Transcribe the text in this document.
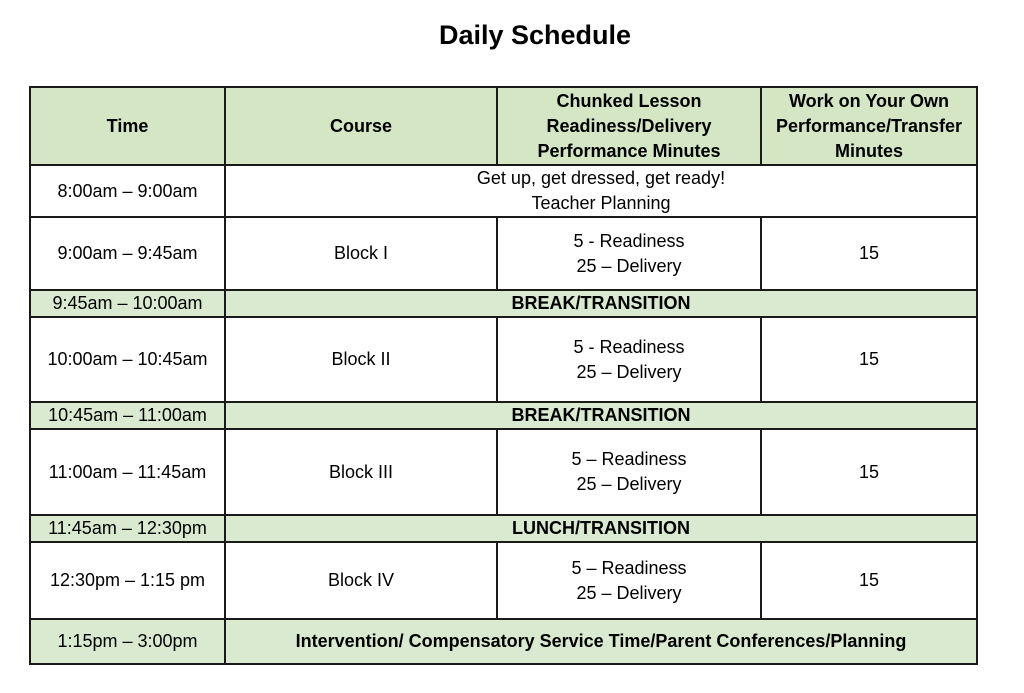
Daily Schedule
Time	Course	Chunked Lesson
Readiness/Delivery
Performance Minutes	Work on Your Own
Performance/Transfer
Minutes

8:00am – 9:00am	Get up, get dressed, get ready!
Teacher Planning		

9:00am – 9:45am	Block I	5 - Readiness
25 – Delivery	15
9:45am – 10:00am	BREAK/TRANSITION		
10:00am – 10:45am	Block II	5 - Readiness
25 – Delivery	15
10:45am – 11:00am	BREAK/TRANSITION		
11:00am – 11:45am	Block III	5 – Readiness
25 – Delivery	15
11:45am – 12:30pm	LUNCH/TRANSITION		
12:30pm – 1:15 pm	Block IV	5 – Readiness
25 – Delivery	15
1:15pm – 3:00pm	Intervention/ Compensatory Service Time/Parent Conferences/Planning		
